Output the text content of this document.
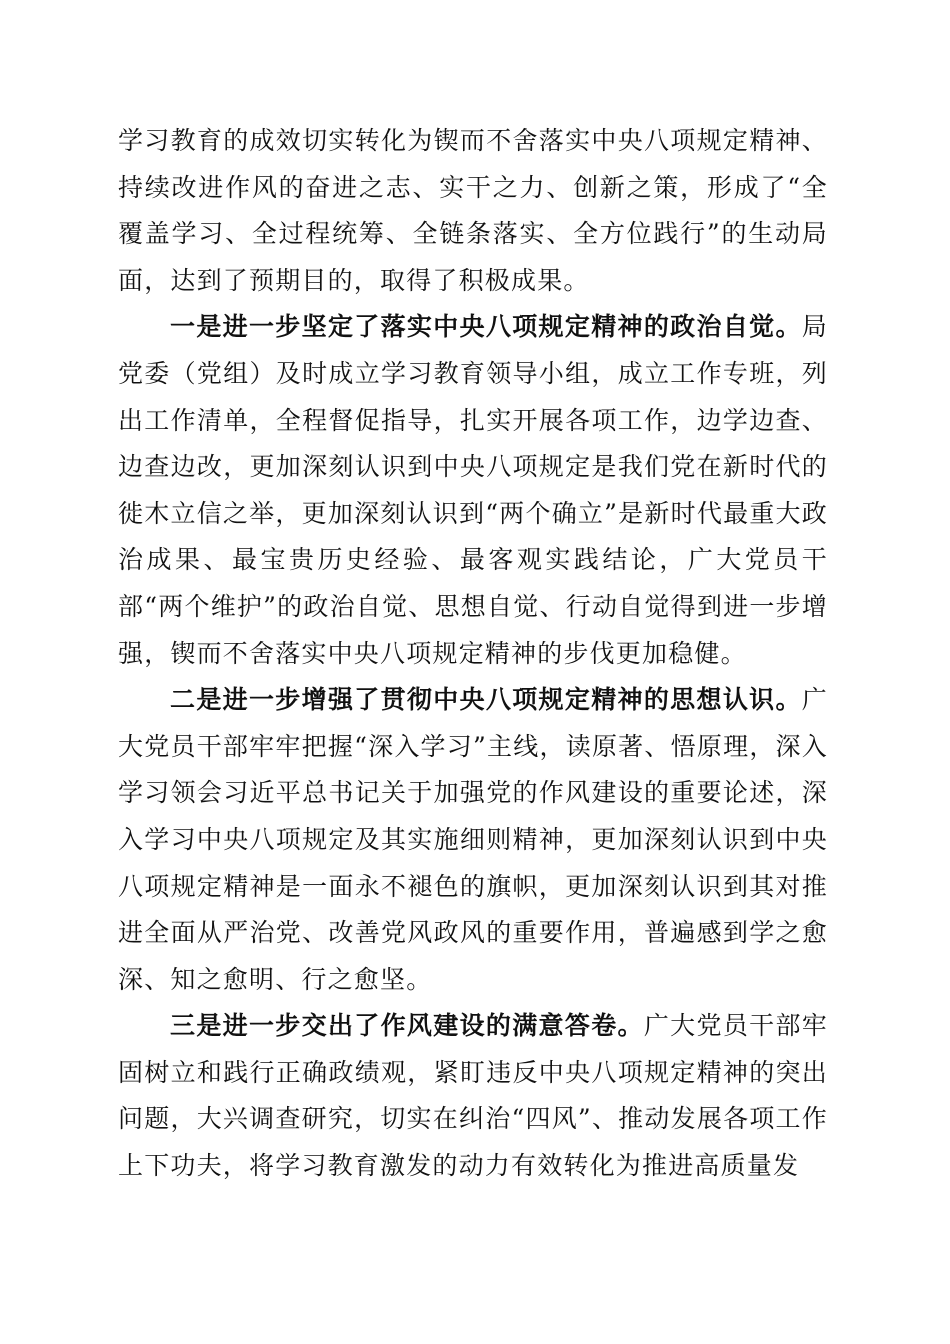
学习教育的成效切实转化为锲而不舍落实中央八项规定精神、持续改进作风的奋进之志、实干之力、创新之策，形成了“全覆盖学习、全过程统筹、全链条落实、全方位践行”的生动局面，达到了预期目的，取得了积极成果。

一是进一步坚定了落实中央八项规定精神的政治自觉。局党委（党组）及时成立学习教育领导小组，成立工作专班，列出工作清单，全程督促指导，扎实开展各项工作，边学边查、边查边改，更加深刻认识到中央八项规定是我们党在新时代的徙木立信之举，更加深刻认识到“两个确立”是新时代最重大政治成果、最宝贵历史经验、最客观实践结论，广大党员干部“两个维护”的政治自觉、思想自觉、行动自觉得到进一步增强，锲而不舍落实中央八项规定精神的步伐更加稳健。

二是进一步增强了贯彻中央八项规定精神的思想认识。广大党员干部牢牢把握“深入学习”主线，读原著、悟原理，深入学习领会习近平总书记关于加强党的作风建设的重要论述，深入学习中央八项规定及其实施细则精神，更加深刻认识到中央八项规定精神是一面永不褪色的旗帜，更加深刻认识到其对推进全面从严治党、改善党风政风的重要作用，普遍感到学之愈深、知之愈明、行之愈坚。

三是进一步交出了作风建设的满意答卷。广大党员干部牢固树立和践行正确政绩观，紧盯违反中央八项规定精神的突出问题，大兴调查研究，切实在纠治“四风”、推动发展各项工作上下功夫，将学习教育激发的动力有效转化为推进高质量发
